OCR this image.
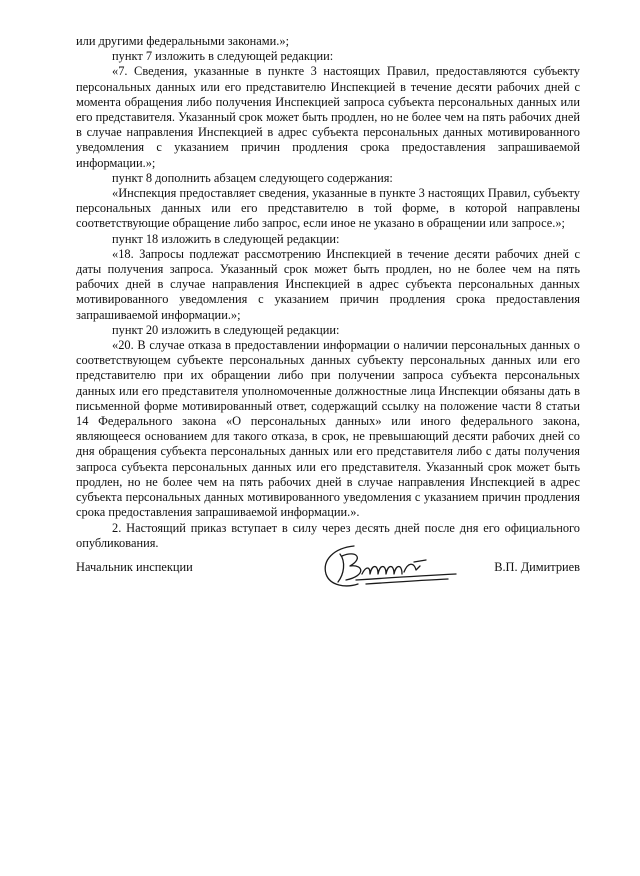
или другими федеральными законами.»;

пункт 7 изложить в следующей редакции:

«7. Сведения, указанные в пункте 3 настоящих Правил, предоставляются субъекту персональных данных или его представителю Инспекцией в течение десяти рабочих дней с момента обращения либо получения Инспекцией запроса субъекта персональных данных или его представителя. Указанный срок может быть продлен, но не более чем на пять рабочих дней в случае направления Инспекцией в адрес субъекта персональных данных мотивированного уведомления с указанием причин продления срока предоставления запрашиваемой информации.»;

пункт 8 дополнить абзацем следующего содержания:

«Инспекция предоставляет сведения, указанные в пункте 3 настоящих Правил, субъекту персональных данных или его представителю в той форме, в которой направлены соответствующие обращение либо запрос, если иное не указано в обращении или запросе.»;

пункт 18 изложить в следующей редакции:

«18. Запросы подлежат рассмотрению Инспекцией в течение десяти рабочих дней с даты получения запроса. Указанный срок может быть продлен, но не более чем на пять рабочих дней в случае направления Инспекцией в адрес субъекта персональных данных мотивированного уведомления с указанием причин продления срока предоставления запрашиваемой информации.»;

пункт 20 изложить в следующей редакции:

«20. В случае отказа в предоставлении информации о наличии персональных данных о соответствующем субъекте персональных данных субъекту персональных данных или его представителю при их обращении либо при получении запроса субъекта персональных данных или его представителя уполномоченные должностные лица Инспекции обязаны дать в письменной форме мотивированный ответ, содержащий ссылку на положение части 8 статьи 14 Федерального закона «О персональных данных» или иного федерального закона, являющееся основанием для такого отказа, в срок, не превышающий десяти рабочих дней со дня обращения субъекта персональных данных или его представителя либо с даты получения запроса субъекта персональных данных или его представителя. Указанный срок может быть продлен, но не более чем на пять рабочих дней в случае направления Инспекцией в адрес субъекта персональных данных мотивированного уведомления с указанием причин продления срока предоставления запрашиваемой информации.».

2. Настоящий приказ вступает в силу через десять дней после дня его официального опубликования.

Начальник инспекции	В.П. Димитриев
